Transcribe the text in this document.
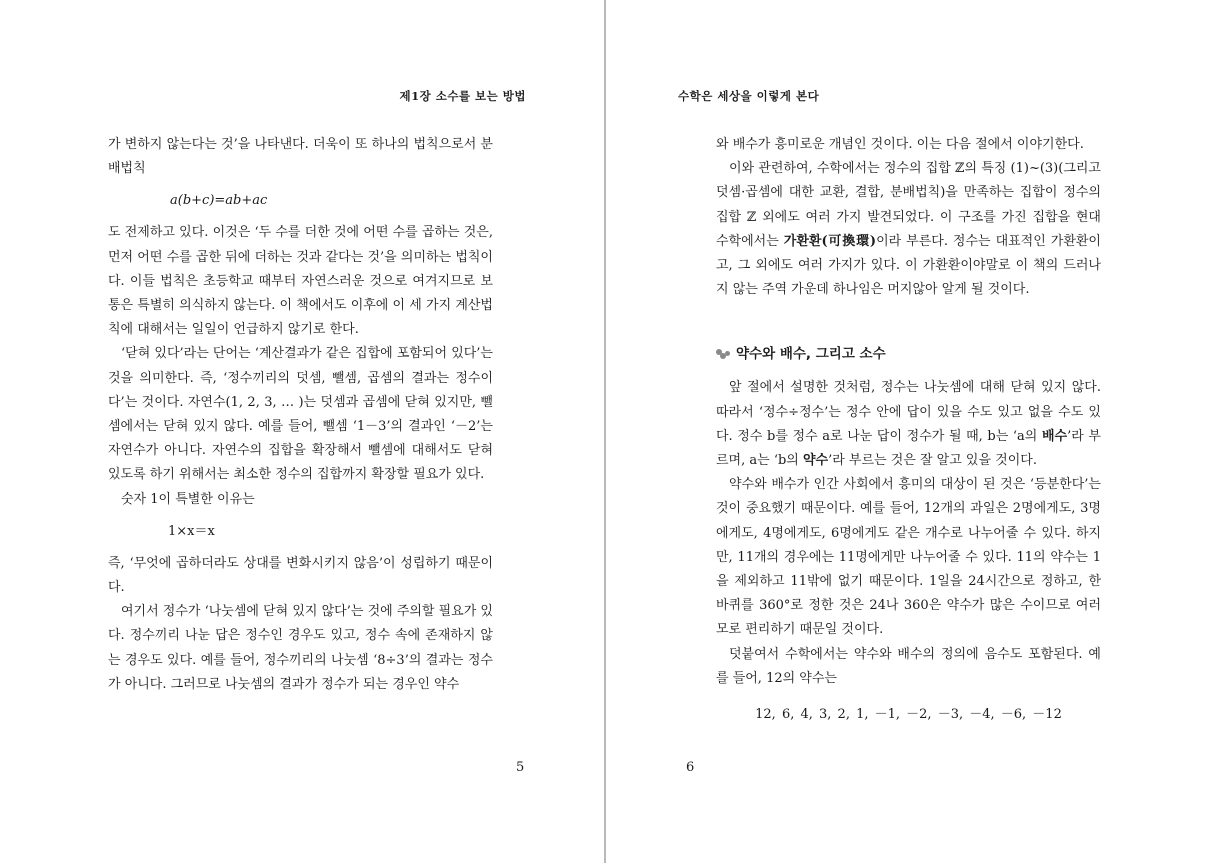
제1장 소수를 보는 방법

가 변하지 않는다는 것’을 나타낸다. 더욱이 또 하나의 법칙으로서 분배법칙

a(b+c)=ab+ac

도 전제하고 있다. 이것은 ‘두 수를 더한 것에 어떤 수를 곱하는 것은, 먼저 어떤 수를 곱한 뒤에 더하는 것과 같다는 것’을 의미하는 법칙이다. 이들 법칙은 초등학교 때부터 자연스러운 것으로 여겨지므로 보통은 특별히 의식하지 않는다. 이 책에서도 이후에 이 세 가지 계산법칙에 대해서는 일일이 언급하지 않기로 한다.

‘닫혀 있다’라는 단어는 ‘계산결과가 같은 집합에 포함되어 있다’는 것을 의미한다. 즉, ‘정수끼리의 덧셈, 뺄셈, 곱셈의 결과는 정수이다’는 것이다. 자연수(1, 2, 3, … )는 덧셈과 곱셈에 닫혀 있지만, 뺄셈에서는 닫혀 있지 않다. 예를 들어, 뺄셈 ‘1－3’의 결과인 ‘－2’는 자연수가 아니다. 자연수의 집합을 확장해서 뺄셈에 대해서도 닫혀 있도록 하기 위해서는 최소한 정수의 집합까지 확장할 필요가 있다.

숫자 1이 특별한 이유는

1×x＝x

즉, ‘무엇에 곱하더라도 상대를 변화시키지 않음’이 성립하기 때문이다.

여기서 정수가 ‘나눗셈에 닫혀 있지 않다’는 것에 주의할 필요가 있다. 정수끼리 나눈 답은 정수인 경우도 있고, 정수 속에 존재하지 않는 경우도 있다. 예를 들어, 정수끼리의 나눗셈 ‘8÷3’의 결과는 정수가 아니다. 그러므로 나눗셈의 결과가 정수가 되는 경우인 약수

5
수학은 세상을 이렇게 본다

와 배수가 흥미로운 개념인 것이다. 이는 다음 절에서 이야기한다.

이와 관련하여, 수학에서는 정수의 집합 ℤ의 특징 (1)~(3)(그리고 덧셈·곱셈에 대한 교환, 결합, 분배법칙)을 만족하는 집합이 정수의 집합 ℤ 외에도 여러 가지 발견되었다. 이 구조를 가진 집합을 현대 수학에서는 가환환(可換環)이라 부른다. 정수는 대표적인 가환환이고, 그 외에도 여러 가지가 있다. 이 가환환이야말로 이 책의 드러나지 않는 주역 가운데 하나임은 머지않아 알게 될 것이다.

약수와 배수, 그리고 소수

앞 절에서 설명한 것처럼, 정수는 나눗셈에 대해 닫혀 있지 않다. 따라서 ‘정수÷정수’는 정수 안에 답이 있을 수도 있고 없을 수도 있다. 정수 b를 정수 a로 나눈 답이 정수가 될 때, b는 ‘a의 배수’라 부르며, a는 ‘b의 약수’라 부르는 것은 잘 알고 있을 것이다.

약수와 배수가 인간 사회에서 흥미의 대상이 된 것은 ‘등분한다’는 것이 중요했기 때문이다. 예를 들어, 12개의 과일은 2명에게도, 3명에게도, 4명에게도, 6명에게도 같은 개수로 나누어줄 수 있다. 하지만, 11개의 경우에는 11명에게만 나누어줄 수 있다. 11의 약수는 1을 제외하고 11밖에 없기 때문이다. 1일을 24시간으로 정하고, 한 바퀴를 360°로 정한 것은 24나 360은 약수가 많은 수이므로 여러모로 편리하기 때문일 것이다.

덧붙여서 수학에서는 약수와 배수의 정의에 음수도 포함된다. 예를 들어, 12의 약수는

12, 6, 4, 3, 2, 1, －1, －2, －3, －4, －6, －12
6
